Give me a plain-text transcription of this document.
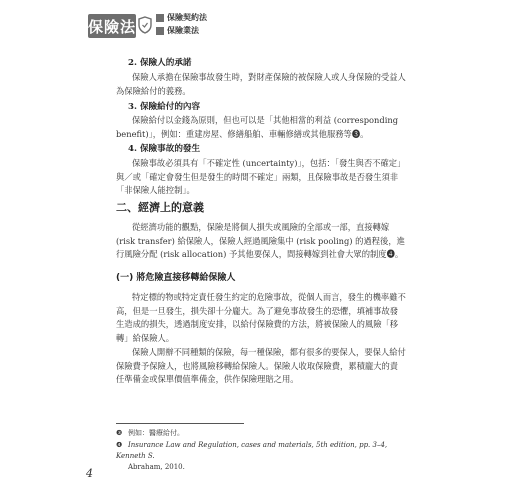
保險法	保險契約法
保險業法
2. 保險人的承諾
保險人承擔在保險事故發生時，對財產保險的被保險人或人身保險的受益人為保險給付的義務。
3. 保險給付的內容
保險給付以金錢為原則，但也可以是「其他相當的利益 (corresponding benefit)」，例如：重建房屋、修繕船舶、車輛修繕或其他服務等❸。
4. 保險事故的發生
保險事故必須具有「不確定性 (uncertainty)」，包括：「發生與否不確定」與／或「確定會發生但是發生的時間不確定」兩類，且保險事故是否發生須非「非保險人能控制」。
二、經濟上的意義
從經濟功能的觀點，保險是將個人損失或風險的全部或一部，直接轉嫁 (risk transfer) 給保險人，保險人經過風險集中 (risk pooling) 的過程後，進行風險分配 (risk allocation) 予其他要保人，間接轉嫁到社會大眾的制度❹。
(一) 將危險直接移轉給保險人
特定標的物或特定責任發生約定的危險事故，從個人而言，發生的機率雖不高，但是一旦發生，損失卻十分龐大。為了避免事故發生的恐懼，填補事故發生造成的損失，透過制度安排，以給付保險費的方法，將被保險人的風險「移轉」給保險人。
保險人開辦不同種類的保險，每一種保險，都有很多的要保人，要保人給付保險費予保險人，也將風險移轉給保險人。保險人收取保險費，累積龐大的責任準備金或保單價值準備金，供作保險理賠之用。
❸ 例如：醫療給付。
❹ Insurance Law and Regulation, cases and materials, 5th edition, pp. 3–4, Kenneth S.
Abraham, 2010.
4
